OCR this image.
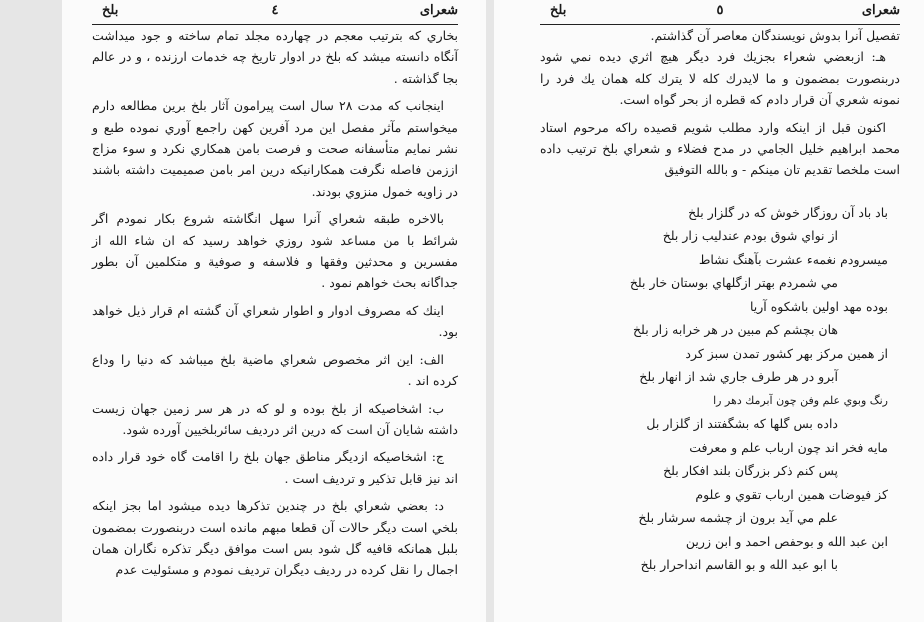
شعراى
٤
بلخ

بخاري كه بترتيب معجم در چهارده مجلد تمام ساخته و جود ميداشت آنگاه دانسته ميشد كه بلخ در ادوار تاريخ چه خدمات ارزنده ، و در عالم بجا گذاشته .

اينجانب كه مدت ٢٨ سال است پيرامون آثار بلخ برين مطالعه دارم ميخواستم مآثر مفصل اين مرد آفرين كهن راجمع آوري نموده طبع و نشر نمايم متأسفانه صحت و فرصت بامن همكاري نكرد و سوء مزاج اززمن فاصله نگرفت همكارانيكه درين امر بامن صميميت داشته باشند در زاويه خمول منزوي بودند.

بالاخره طبقه شعراي آنرا سهل انگاشته شروع بكار نمودم اگر شرائط با من مساعد شود روزي خواهد رسيد كه ان شاء الله از مفسرين و محدثين وفقها و فلاسفه و صوفية و متكلمين آن بطور جداگانه بحث خواهم نمود .

اينك كه مصروف ادوار و اطوار شعراي آن گشته ام قرار ذيل خواهد بود.

الف: اين اثر مخصوص شعراي ماضية بلخ ميباشد كه دنيا را وداع كرده اند .

ب: اشخاصيكه از بلخ بوده و لو كه در هر سر زمين جهان زيست داشته شايان آن است كه درين اثر درديف سائربلخيين آورده شود.

ج: اشخاصيكه ازديگر مناطق جهان بلخ را اقامت گاه خود قرار داده اند نيز قابل تذكير و ترديف است .

د: بعضي شعراي بلخ در چندين تذكرها ديده ميشود اما بجز اينكه بلخي است ديگر حالات آن قطعا مبهم مانده است دربنصورت بمضمون بلبل همانكه قافيه گل شود بس است موافق ديگر تذكره نگاران همان اجمال را نقل كرده در رديف ديگران ترديف نمودم و مسئوليت عدم

شعراى
٥
بلخ

تفصيل آنرا بدوش نويسندگان معاصر آن گذاشتم.

هـ: ازبعضي شعراء بجزيك فرد ديگر هيچ اثري ديده نمي شود دربنصورت بمضمون و ما لايدرك كله لا يترك كله همان يك فرد را نمونه شعري آن قرار دادم كه قطره از بحر گواه است.

اكنون قبل از اينكه وارد مطلب شويم قصيده راكه مرحوم استاد محمد ابراهيم خليل الجامي در مدح فضلاء و شعراي بلخ ترتيب داده است ملخصا تقديم تان مينكم - و بالله التوفيق

باد باد آن روزگار خوش كه در گلزار بلخ
از نواي شوق بودم عندليب زار بلخ
ميسرودم نغمه‌ء عشرت بآهنگ نشاط
مي شمردم بهتر ازگلهاي بوستان خار بلخ
بوده مهد اولين باشكوه آريا
هان بچشم كم مبين در هر خرابه زار بلخ
از همين مركز بهر كشور تمدن سبز كرد
آبرو در هر طرف جاري شد از انهار بلخ
رنگ وبوي علم وفن چون آبرمك دهر را
داده بس گلها كه بشگفتند از گلزار بل
مايه فخر اند چون ارباب علم و معرفت
پس كنم ذكر بزرگان بلند افكار بلخ
كز فيوضات همين ارباب تقوي و علوم
علم مي آيد برون از چشمه سرشار بلخ
ابن عبد الله و بوحفص احمد و ابن زرين
با ابو عبد الله و بو القاسم انداحرار بلخ
